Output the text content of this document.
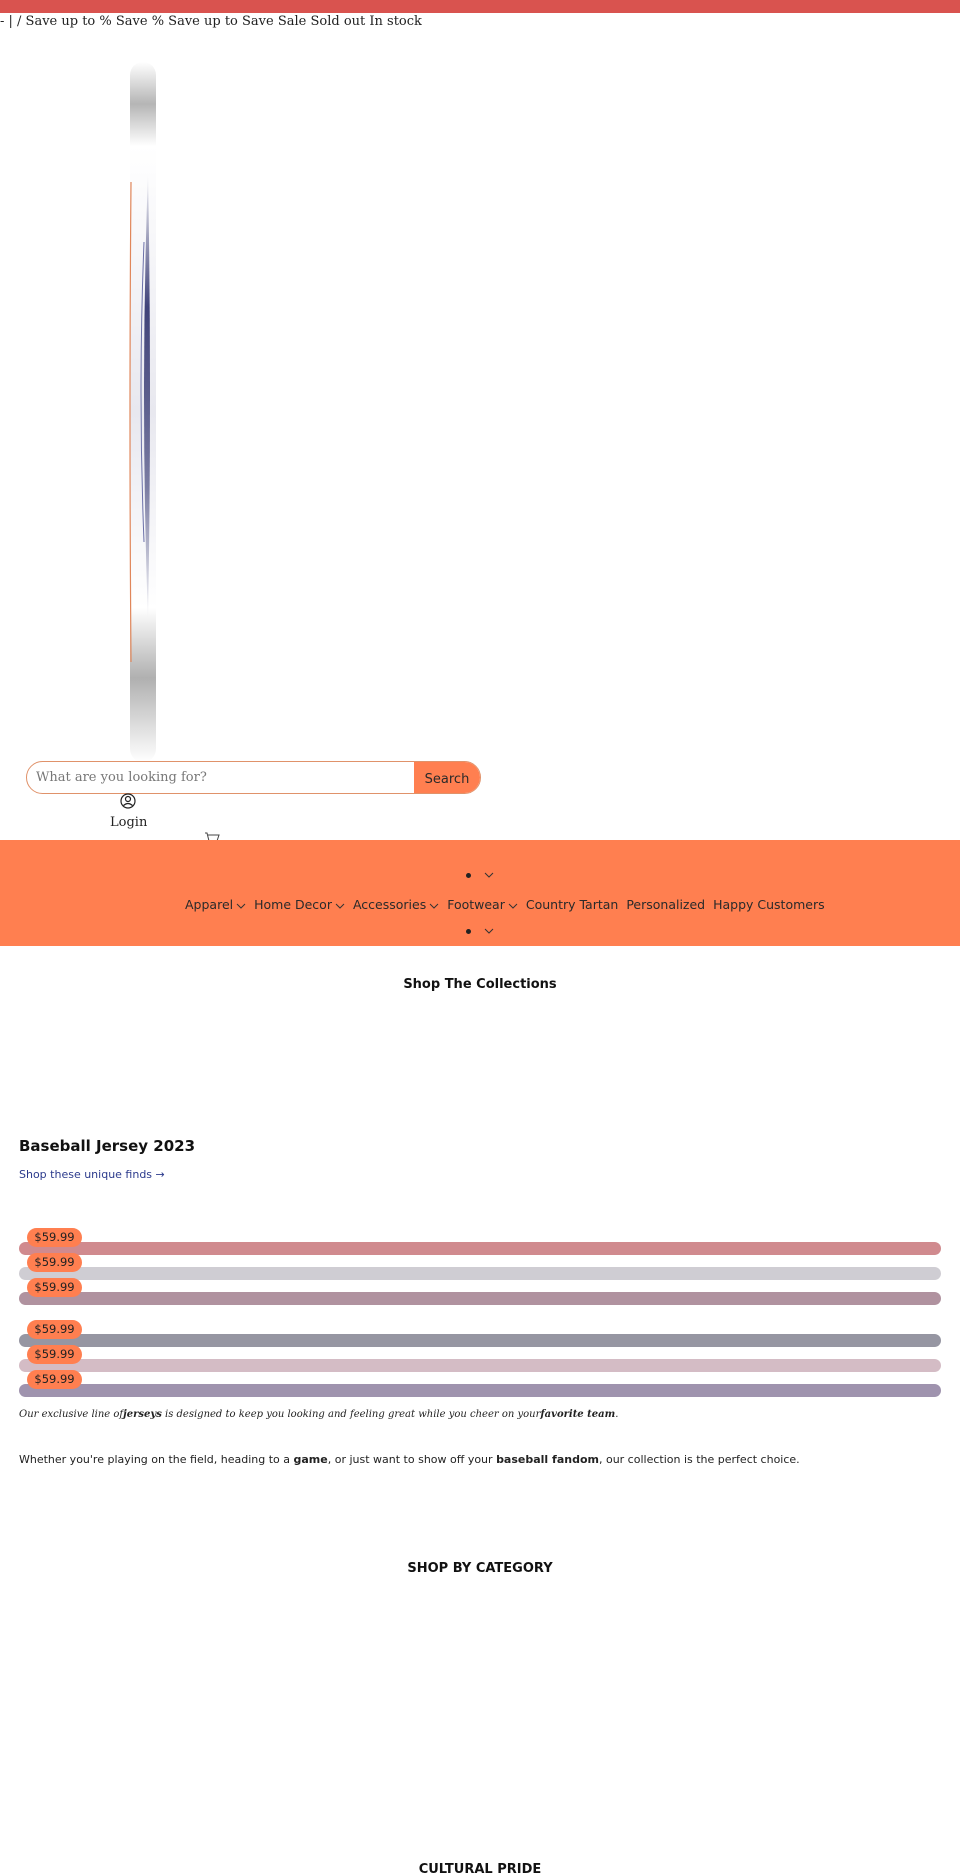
- | / Save up to % Save % Save up to Save Sale Sold out In stock
What are you looking for?
Search
Login

Apparel Home Decor Accessories Footwear Country Tartan Personalized Happy Customers

Shop The Collections
Baseball Jersey 2023
Shop these unique finds →
$59.99
$59.99
$59.99
$59.99
$59.99
$59.99

Our exclusive line ofjerseys is designed to keep you looking and feeling great while you cheer on yourfavorite team.

Whether you're playing on the field, heading to a game, or just want to show off your baseball fandom, our collection is the perfect choice.

SHOP BY CATEGORY
CULTURAL PRIDE
